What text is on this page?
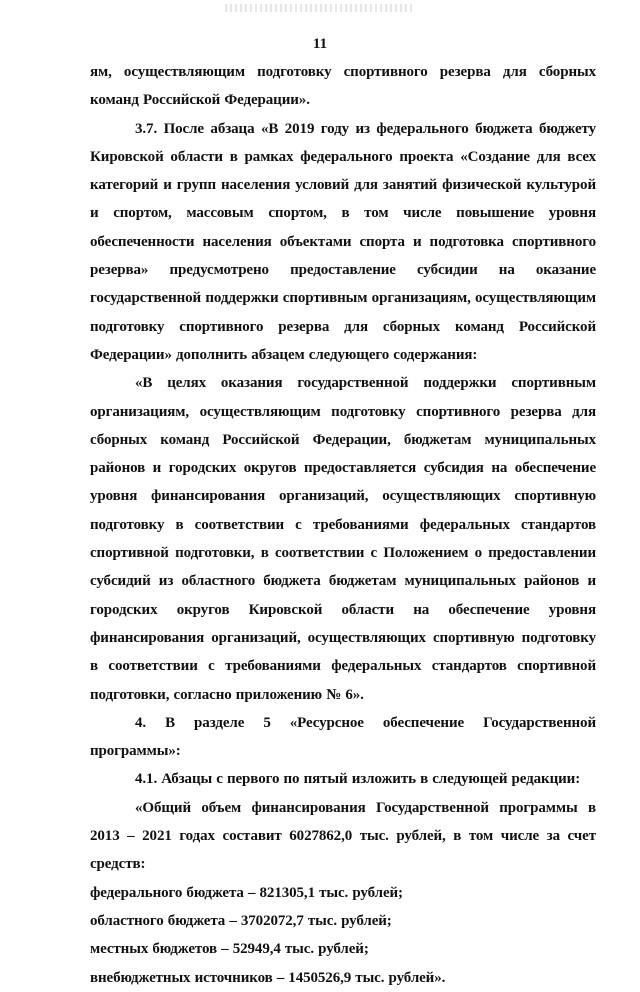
11

ям, осуществляющим подготовку спортивного резерва для сборных команд Российской Федерации».

3.7. После абзаца «В 2019 году из федерального бюджета бюджету Кировской области в рамках федерального проекта «Создание для всех категорий и групп населения условий для занятий физической культурой и спортом, массовым спортом, в том числе повышение уровня обеспеченности населения объектами спорта и подготовка спортивного резерва» предусмотрено предоставление субсидии на оказание государственной поддержки спортивным организациям, осуществляющим подготовку спортивного резерва для сборных команд Российской Федерации» дополнить абзацем следующего содержания:

«В целях оказания государственной поддержки спортивным организациям, осуществляющим подготовку спортивного резерва для сборных команд Российской Федерации, бюджетам муниципальных районов и городских округов предоставляется субсидия на обеспечение уровня финансирования организаций, осуществляющих спортивную подготовку в соответствии с требованиями федеральных стандартов спортивной подготовки, в соответствии с Положением о предоставлении субсидий из областного бюджета бюджетам муниципальных районов и городских округов Кировской области на обеспечение уровня финансирования организаций, осуществляющих спортивную подготовку в соответствии с требованиями федеральных стандартов спортивной подготовки, согласно приложению № 6».

4. В разделе 5 «Ресурсное обеспечение Государственной программы»:

4.1. Абзацы с первого по пятый изложить в следующей редакции:

«Общий объем финансирования Государственной программы в 2013 – 2021 годах составит 6027862,0 тыс. рублей, в том числе за счет средств:

федерального бюджета – 821305,1 тыс. рублей;

областного бюджета – 3702072,7 тыс. рублей;

местных бюджетов – 52949,4 тыс. рублей;

внебюджетных источников – 1450526,9 тыс. рублей».
